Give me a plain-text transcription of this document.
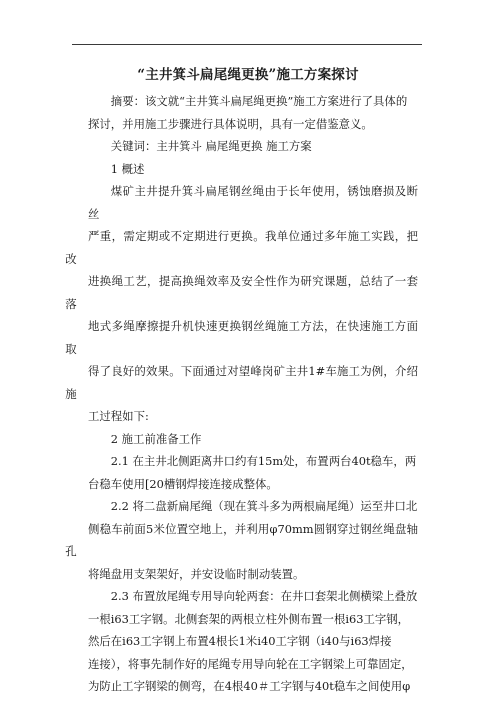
“主井箕斗扁尾绳更换”施工方案探讨

摘要：该文就“主井箕斗扁尾绳更换”施工方案进行了具体的
探讨，并用施工步骤进行具体说明，具有一定借鉴意义。

关键词：主井箕斗 扁尾绳更换 施工方案

1 概述

煤矿主井提升箕斗扁尾钢丝绳由于长年使用，锈蚀磨损及断丝
严重，需定期或不定期进行更换。我单位通过多年施工实践，把改
进换绳工艺，提高换绳效率及安全性作为研究课题，总结了一套落
地式多绳摩擦提升机快速更换钢丝绳施工方法，在快速施工方面取
得了良好的效果。下面通过对望峰岗矿主井1#车施工为例，介绍施
工过程如下:

2 施工前准备工作

2.1 在主井北侧距离井口约有15m处，布置两台40t稳车，两
台稳车使用[20槽钢焊接连接成整体。

2.2 将二盘新扁尾绳（现在箕斗多为两根扁尾绳）运至井口北
侧稳车前面5米位置空地上，并利用φ70mm圆钢穿过钢丝绳盘轴孔
将绳盘用支架架好，并安设临时制动装置。

2.3 布置放尾绳专用导向轮两套：在井口套架北侧横梁上叠放
一根i63工字钢。北侧套架的两根立柱外侧布置一根i63工字钢，
然后在i63工字钢上布置4根长1米i40工字钢（i40与i63焊接
连接），将事先制作好的尾绳专用导向轮在工字钢梁上可靠固定，
为防止工字钢梁的侧弯，在4根40＃工字钢与40t稳车之间使用φ
